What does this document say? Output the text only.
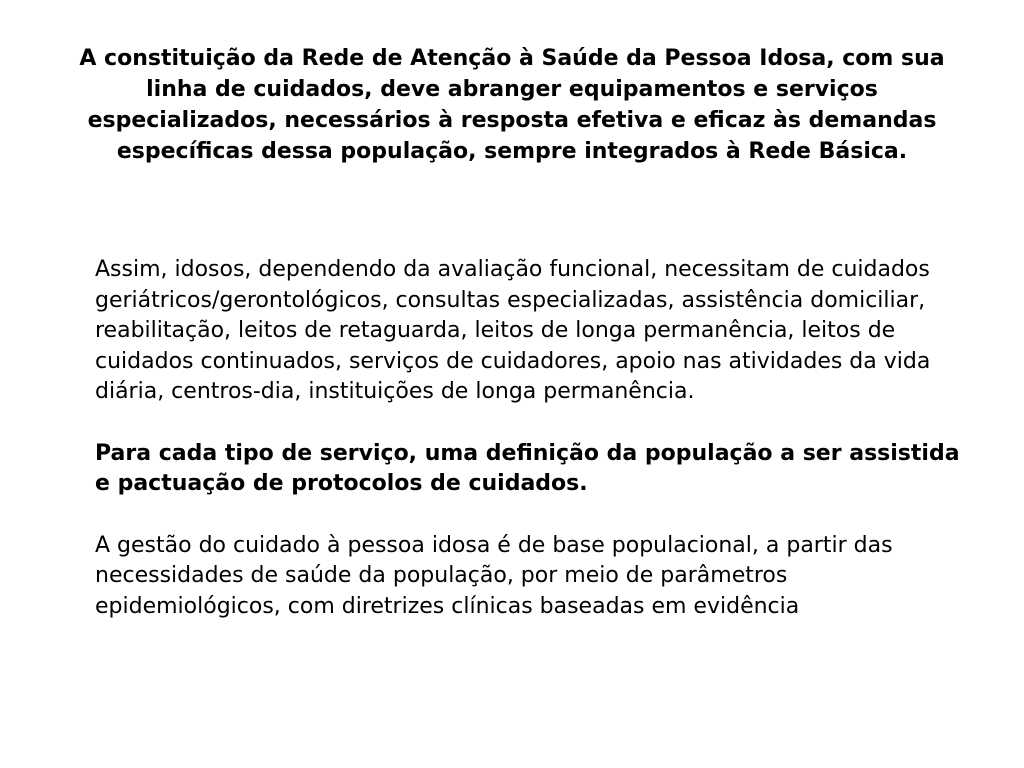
A constituição da Rede de Atenção à Saúde da Pessoa Idosa, com sua linha de cuidados, deve abranger equipamentos e serviços especializados, necessários à resposta efetiva e eficaz às demandas específicas dessa população, sempre integrados à Rede Básica.

Assim, idosos, dependendo da avaliação funcional, necessitam de cuidados geriátricos/gerontológicos, consultas especializadas, assistência domiciliar, reabilitação, leitos de retaguarda, leitos de longa permanência, leitos de cuidados continuados, serviços de cuidadores, apoio nas atividades da vida diária, centros-dia, instituições de longa permanência.

Para cada tipo de serviço, uma definição da população a ser assistida e pactuação de protocolos de cuidados.

A gestão do cuidado à pessoa idosa é de base populacional, a partir das necessidades de saúde da população, por meio de parâmetros epidemiológicos, com diretrizes clínicas baseadas em evidência
